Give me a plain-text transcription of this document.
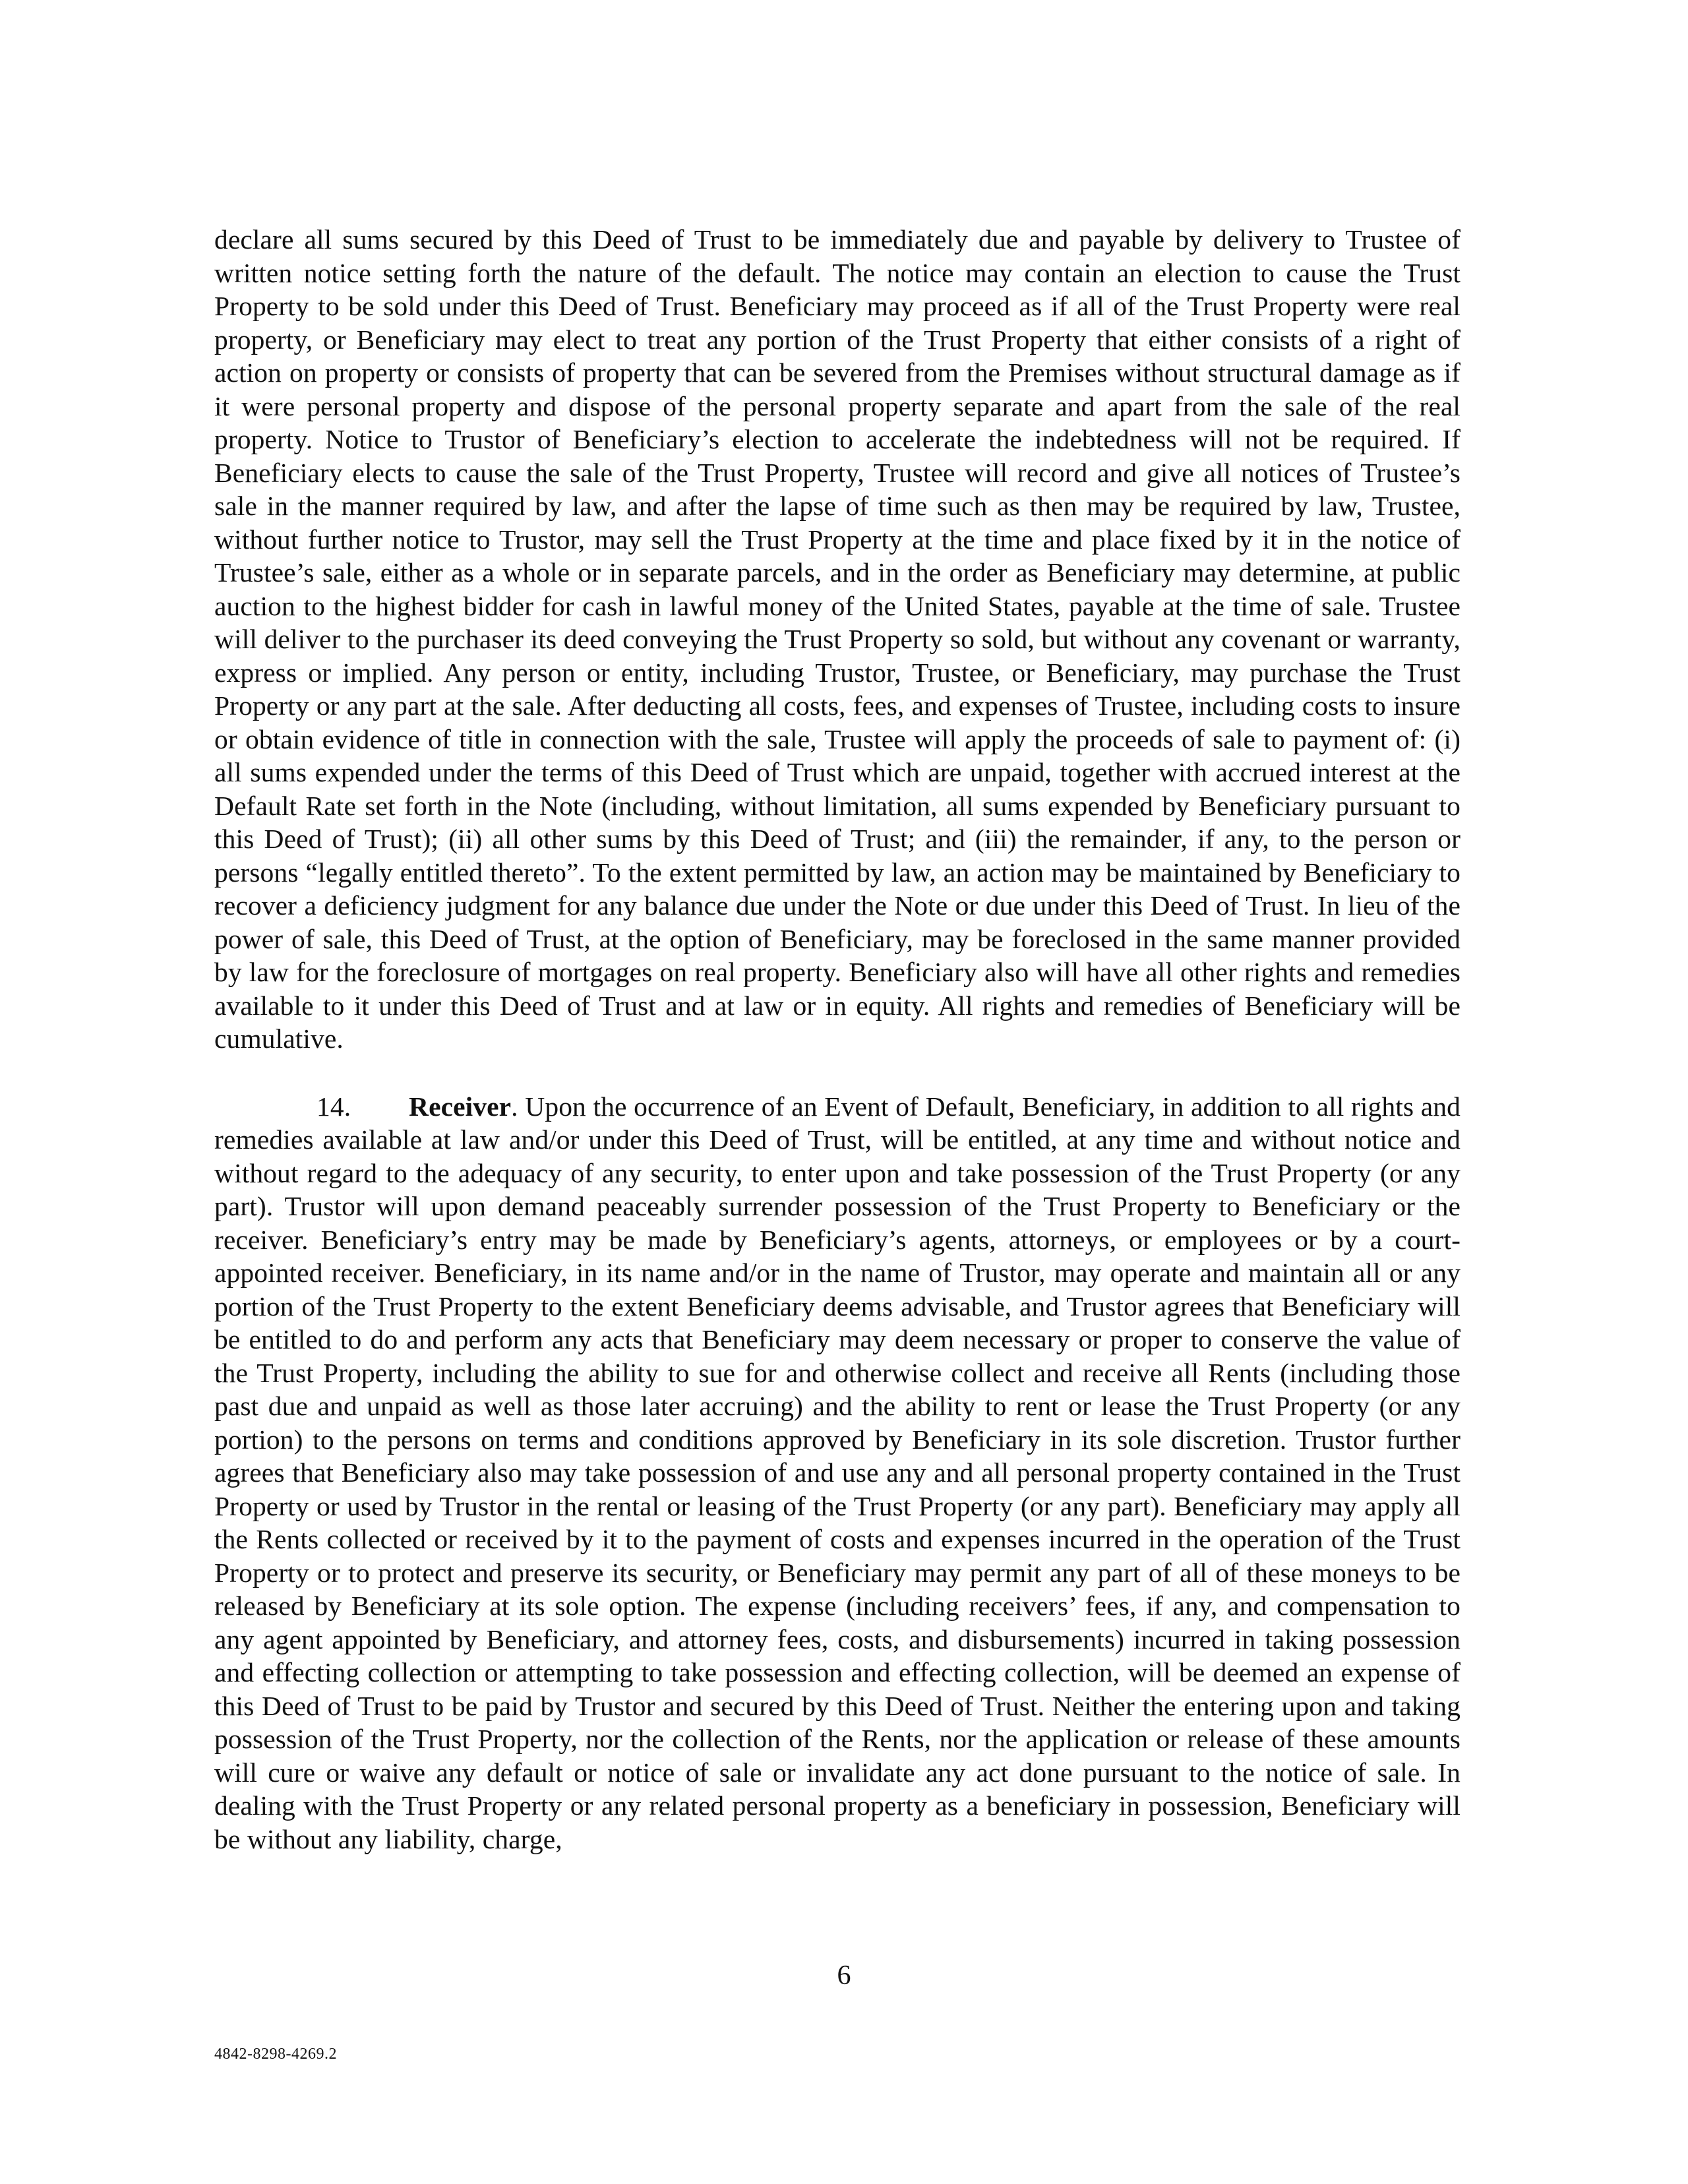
declare all sums secured by this Deed of Trust to be immediately due and payable by delivery to Trustee of written notice setting forth the nature of the default. The notice may contain an election to cause the Trust Property to be sold under this Deed of Trust. Beneficiary may proceed as if all of the Trust Property were real property, or Beneficiary may elect to treat any portion of the Trust Property that either consists of a right of action on property or consists of property that can be severed from the Premises without structural damage as if it were personal property and dispose of the personal property separate and apart from the sale of the real property. Notice to Trustor of Beneficiary’s election to accelerate the indebtedness will not be required. If Beneficiary elects to cause the sale of the Trust Property, Trustee will record and give all notices of Trustee’s sale in the manner required by law, and after the lapse of time such as then may be required by law, Trustee, without further notice to Trustor, may sell the Trust Property at the time and place fixed by it in the notice of Trustee’s sale, either as a whole or in separate parcels, and in the order as Beneficiary may determine, at public auction to the highest bidder for cash in lawful money of the United States, payable at the time of sale. Trustee will deliver to the purchaser its deed conveying the Trust Property so sold, but without any covenant or warranty, express or implied. Any person or entity, including Trustor, Trustee, or Beneficiary, may purchase the Trust Property or any part at the sale. After deducting all costs, fees, and expenses of Trustee, including costs to insure or obtain evidence of title in connection with the sale, Trustee will apply the proceeds of sale to payment of: (i) all sums expended under the terms of this Deed of Trust which are unpaid, together with accrued interest at the Default Rate set forth in the Note (including, without limitation, all sums expended by Beneficiary pursuant to this Deed of Trust); (ii) all other sums by this Deed of Trust; and (iii) the remainder, if any, to the person or persons “legally entitled thereto”. To the extent permitted by law, an action may be maintained by Beneficiary to recover a deficiency judgment for any balance due under the Note or due under this Deed of Trust. In lieu of the power of sale, this Deed of Trust, at the option of Beneficiary, may be foreclosed in the same manner provided by law for the foreclosure of mortgages on real property. Beneficiary also will have all other rights and remedies available to it under this Deed of Trust and at law or in equity. All rights and remedies of Beneficiary will be cumulative.

14. Receiver. Upon the occurrence of an Event of Default, Beneficiary, in addition to all rights and remedies available at law and/or under this Deed of Trust, will be entitled, at any time and without notice and without regard to the adequacy of any security, to enter upon and take possession of the Trust Property (or any part). Trustor will upon demand peaceably surrender possession of the Trust Property to Beneficiary or the receiver. Beneficiary’s entry may be made by Beneficiary’s agents, attorneys, or employees or by a court-appointed receiver. Beneficiary, in its name and/or in the name of Trustor, may operate and maintain all or any portion of the Trust Property to the extent Beneficiary deems advisable, and Trustor agrees that Beneficiary will be entitled to do and perform any acts that Beneficiary may deem necessary or proper to conserve the value of the Trust Property, including the ability to sue for and otherwise collect and receive all Rents (including those past due and unpaid as well as those later accruing) and the ability to rent or lease the Trust Property (or any portion) to the persons on terms and conditions approved by Beneficiary in its sole discretion. Trustor further agrees that Beneficiary also may take possession of and use any and all personal property contained in the Trust Property or used by Trustor in the rental or leasing of the Trust Property (or any part). Beneficiary may apply all the Rents collected or received by it to the payment of costs and expenses incurred in the operation of the Trust Property or to protect and preserve its security, or Beneficiary may permit any part of all of these moneys to be released by Beneficiary at its sole option. The expense (including receivers’ fees, if any, and compensation to any agent appointed by Beneficiary, and attorney fees, costs, and disbursements) incurred in taking possession and effecting collection or attempting to take possession and effecting collection, will be deemed an expense of this Deed of Trust to be paid by Trustor and secured by this Deed of Trust. Neither the entering upon and taking possession of the Trust Property, nor the collection of the Rents, nor the application or release of these amounts will cure or waive any default or notice of sale or invalidate any act done pursuant to the notice of sale. In dealing with the Trust Property or any related personal property as a beneficiary in possession, Beneficiary will be without any liability, charge,

6
4842-8298-4269.2
